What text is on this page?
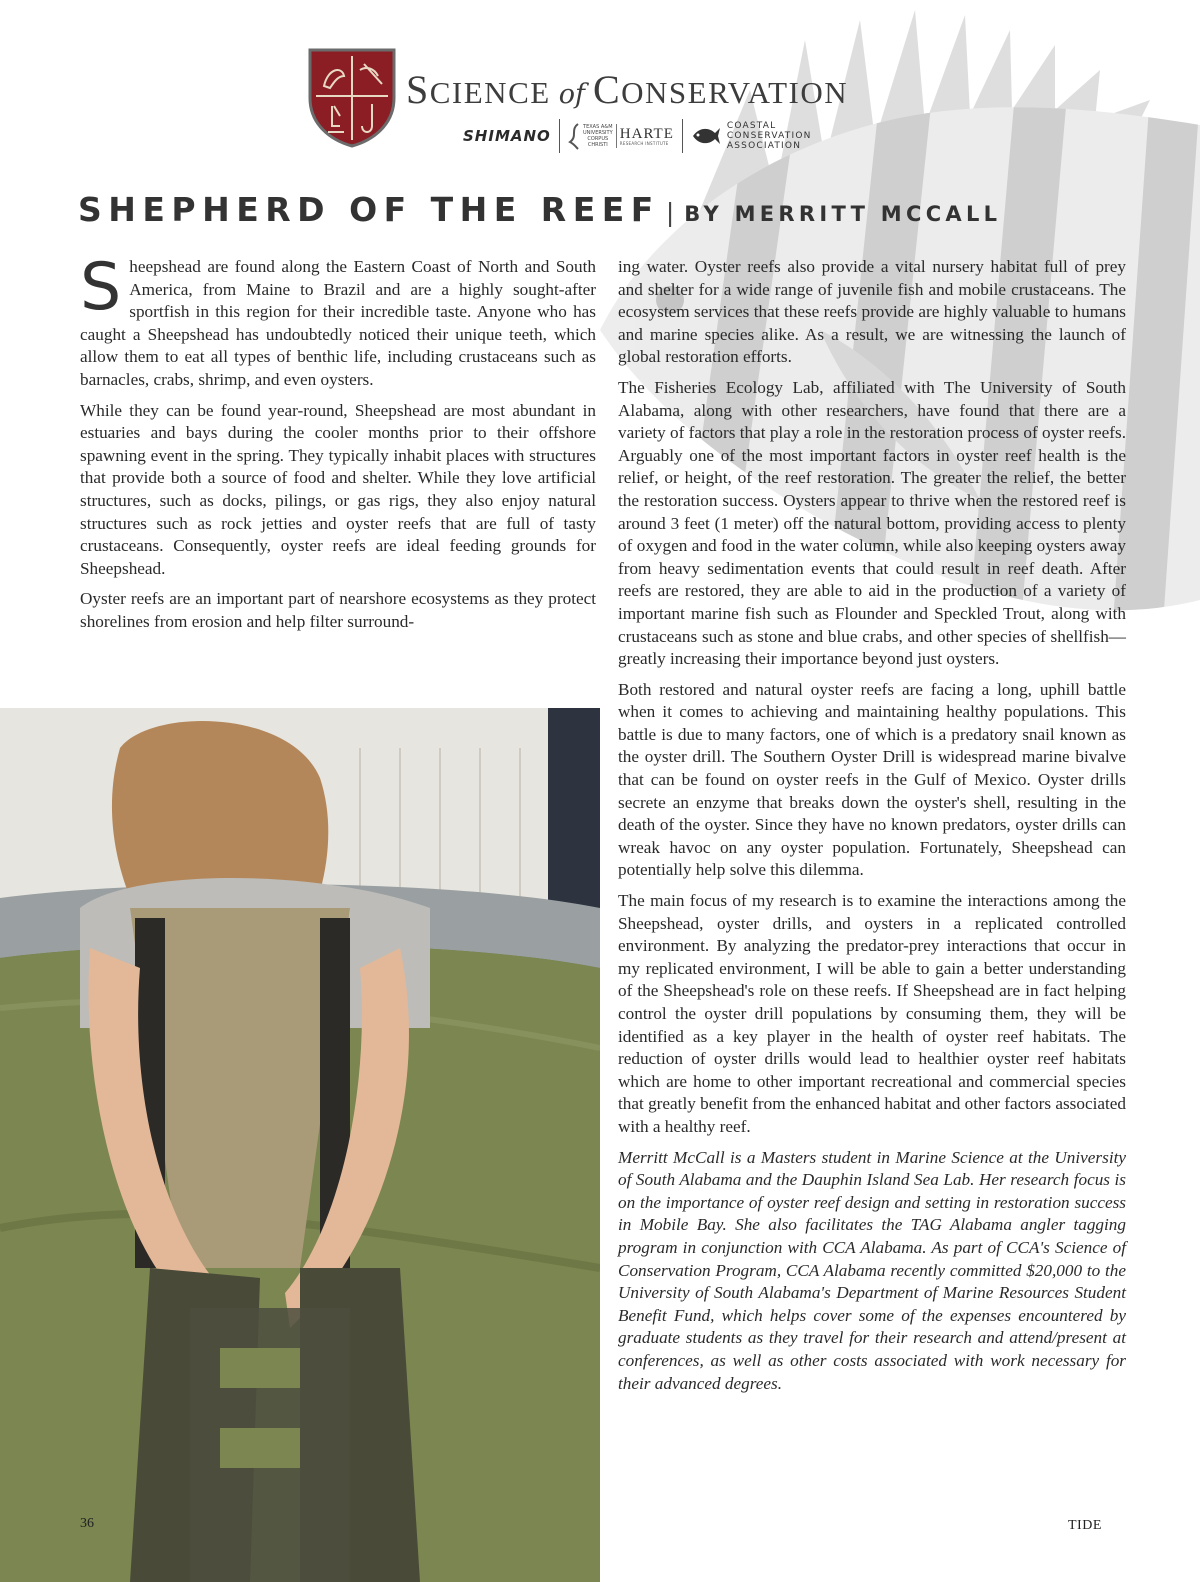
SCIENCE of CONSERVATION
SHIMANO	TEXAS A&M
UNIVERSITY
CORPUS
CHRISTI
HARTE
RESEARCH INSTITUTE
COASTAL
CONSERVATION
ASSOCIATION
SHEPHERD OF THE REEF | BY MERRITT MCCALL

Sheepshead are found along the Eastern Coast of North and South America, from Maine to Brazil and are a highly sought-after sportfish in this region for their incredible taste. Anyone who has caught a Sheepshead has undoubtedly noticed their unique teeth, which allow them to eat all types of benthic life, including crustaceans such as barnacles, crabs, shrimp, and even oysters.

While they can be found year-round, Sheepshead are most abundant in estuaries and bays during the cooler months prior to their offshore spawning event in the spring. They typically inhabit places with structures that provide both a source of food and shelter. While they love artificial structures, such as docks, pilings, or gas rigs, they also enjoy natural structures such as rock jetties and oyster reefs that are full of tasty crustaceans. Consequently, oyster reefs are ideal feeding grounds for Sheepshead.

Oyster reefs are an important part of nearshore ecosystems as they protect shorelines from erosion and help filter surround-

ing water. Oyster reefs also provide a vital nursery habitat full of prey and shelter for a wide range of juvenile fish and mobile crustaceans. The ecosystem services that these reefs provide are highly valuable to humans and marine species alike. As a result, we are witnessing the launch of global restoration efforts.

The Fisheries Ecology Lab, affiliated with The University of South Alabama, along with other researchers, have found that there are a variety of factors that play a role in the restoration process of oyster reefs. Arguably one of the most important factors in oyster reef health is the relief, or height, of the reef restoration. The greater the relief, the better the restoration success. Oysters appear to thrive when the restored reef is around 3 feet (1 meter) off the natural bottom, providing access to plenty of oxygen and food in the water column, while also keeping oysters away from heavy sedimentation events that could result in reef death. After reefs are restored, they are able to aid in the production of a variety of important marine fish such as Flounder and Speckled Trout, along with crustaceans such as stone and blue crabs, and other species of shellfish—greatly increasing their importance beyond just oysters.

Both restored and natural oyster reefs are facing a long, uphill battle when it comes to achieving and maintaining healthy populations. This battle is due to many factors, one of which is a predatory snail known as the oyster drill. The Southern Oyster Drill is widespread marine bivalve that can be found on oyster reefs in the Gulf of Mexico. Oyster drills secrete an enzyme that breaks down the oyster's shell, resulting in the death of the oyster. Since they have no known predators, oyster drills can wreak havoc on any oyster population. Fortunately, Sheepshead can potentially help solve this dilemma.

The main focus of my research is to examine the interactions among the Sheepshead, oyster drills, and oysters in a replicated controlled environment. By analyzing the predator-prey interactions that occur in my replicated environment, I will be able to gain a better understanding of the Sheepshead's role on these reefs. If Sheepshead are in fact helping control the oyster drill populations by consuming them, they will be identified as a key player in the health of oyster reef habitats. The reduction of oyster drills would lead to healthier oyster reef habitats which are home to other important recreational and commercial species that greatly benefit from the enhanced habitat and other factors associated with a healthy reef.

Merritt McCall is a Masters student in Marine Science at the University of South Alabama and the Dauphin Island Sea Lab. Her research focus is on the importance of oyster reef design and setting in restoration success in Mobile Bay. She also facilitates the TAG Alabama angler tagging program in conjunction with CCA Alabama. As part of CCA's Science of Conservation Program, CCA Alabama recently committed $20,000 to the University of South Alabama's Department of Marine Resources Student Benefit Fund, which helps cover some of the expenses encountered by graduate students as they travel for their research and attend/present at conferences, as well as other costs associated with work necessary for their advanced degrees.

36	TIDE
